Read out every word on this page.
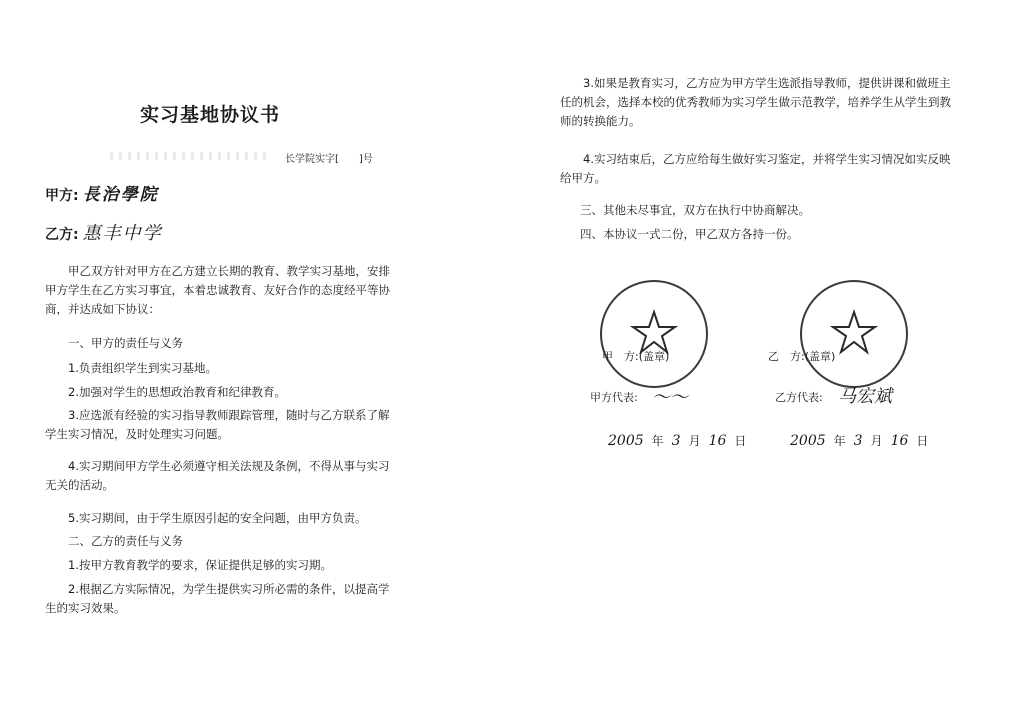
实习基地协议书
长学院实字[　　]号
甲方: 長治學院
乙方: 惠丰中学
甲乙双方针对甲方在乙方建立长期的教育、教学实习基地，安排甲方学生在乙方实习事宜，本着忠诚教育、友好合作的态度经平等协商，并达成如下协议：
一、甲方的责任与义务
1.负责组织学生到实习基地。
2.加强对学生的思想政治教育和纪律教育。
3.应选派有经验的实习指导教师跟踪管理，随时与乙方联系了解学生实习情况，及时处理实习问题。
4.实习期间甲方学生必须遵守相关法规及条例，不得从事与实习无关的活动。
5.实习期间，由于学生原因引起的安全问题，由甲方负责。
二、乙方的责任与义务
1.按甲方教育教学的要求，保证提供足够的实习期。
2.根据乙方实际情况，为学生提供实习所必需的条件，以提高学生的实习效果。
3.如果是教育实习，乙方应为甲方学生选派指导教师，提供讲课和做班主任的机会，选择本校的优秀教师为实习学生做示范教学，培养学生从学生到教师的转换能力。
4.实习结束后，乙方应给每生做好实习鉴定，并将学生实习情况如实反映给甲方。
三、其他未尽事宜，双方在执行中协商解决。
四、本协议一式二份，甲乙双方各持一份。
甲　方:(盖章)	乙　方:(盖章)
甲方代表: ～～	乙方代表: 马宏斌
2005 年 3 月 16 日	2005 年 3 月 16 日
